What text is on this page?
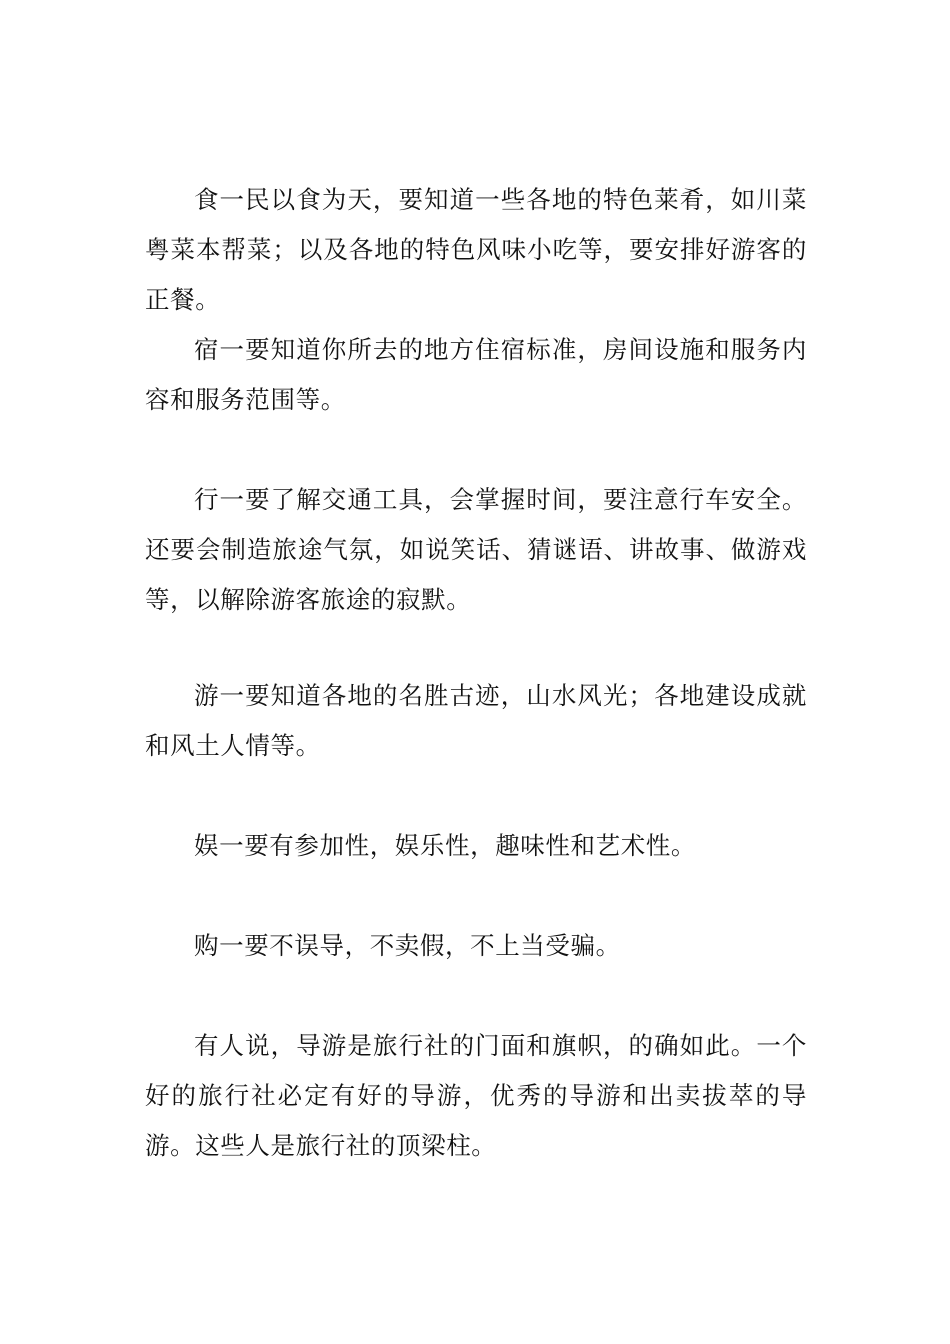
食一民以食为天，要知道一些各地的特色莱肴，如川菜粤菜本帮菜；以及各地的特色风味小吃等，要安排好游客的正餐。

宿一要知道你所去的地方住宿标准，房间设施和服务内容和服务范围等。

行一要了解交通工具，会掌握时间，要注意行车安全。还要会制造旅途气氛，如说笑话、猜谜语、讲故事、做游戏等，以解除游客旅途的寂默。

游一要知道各地的名胜古迹，山水风光；各地建设成就和风土人情等。

娱一要有参加性，娱乐性，趣味性和艺术性。

购一要不误导，不卖假，不上当受骗。

有人说，导游是旅行社的门面和旗帜，的确如此。一个好的旅行社必定有好的导游，优秀的导游和出卖拔萃的导游。这些人是旅行社的顶梁柱。
